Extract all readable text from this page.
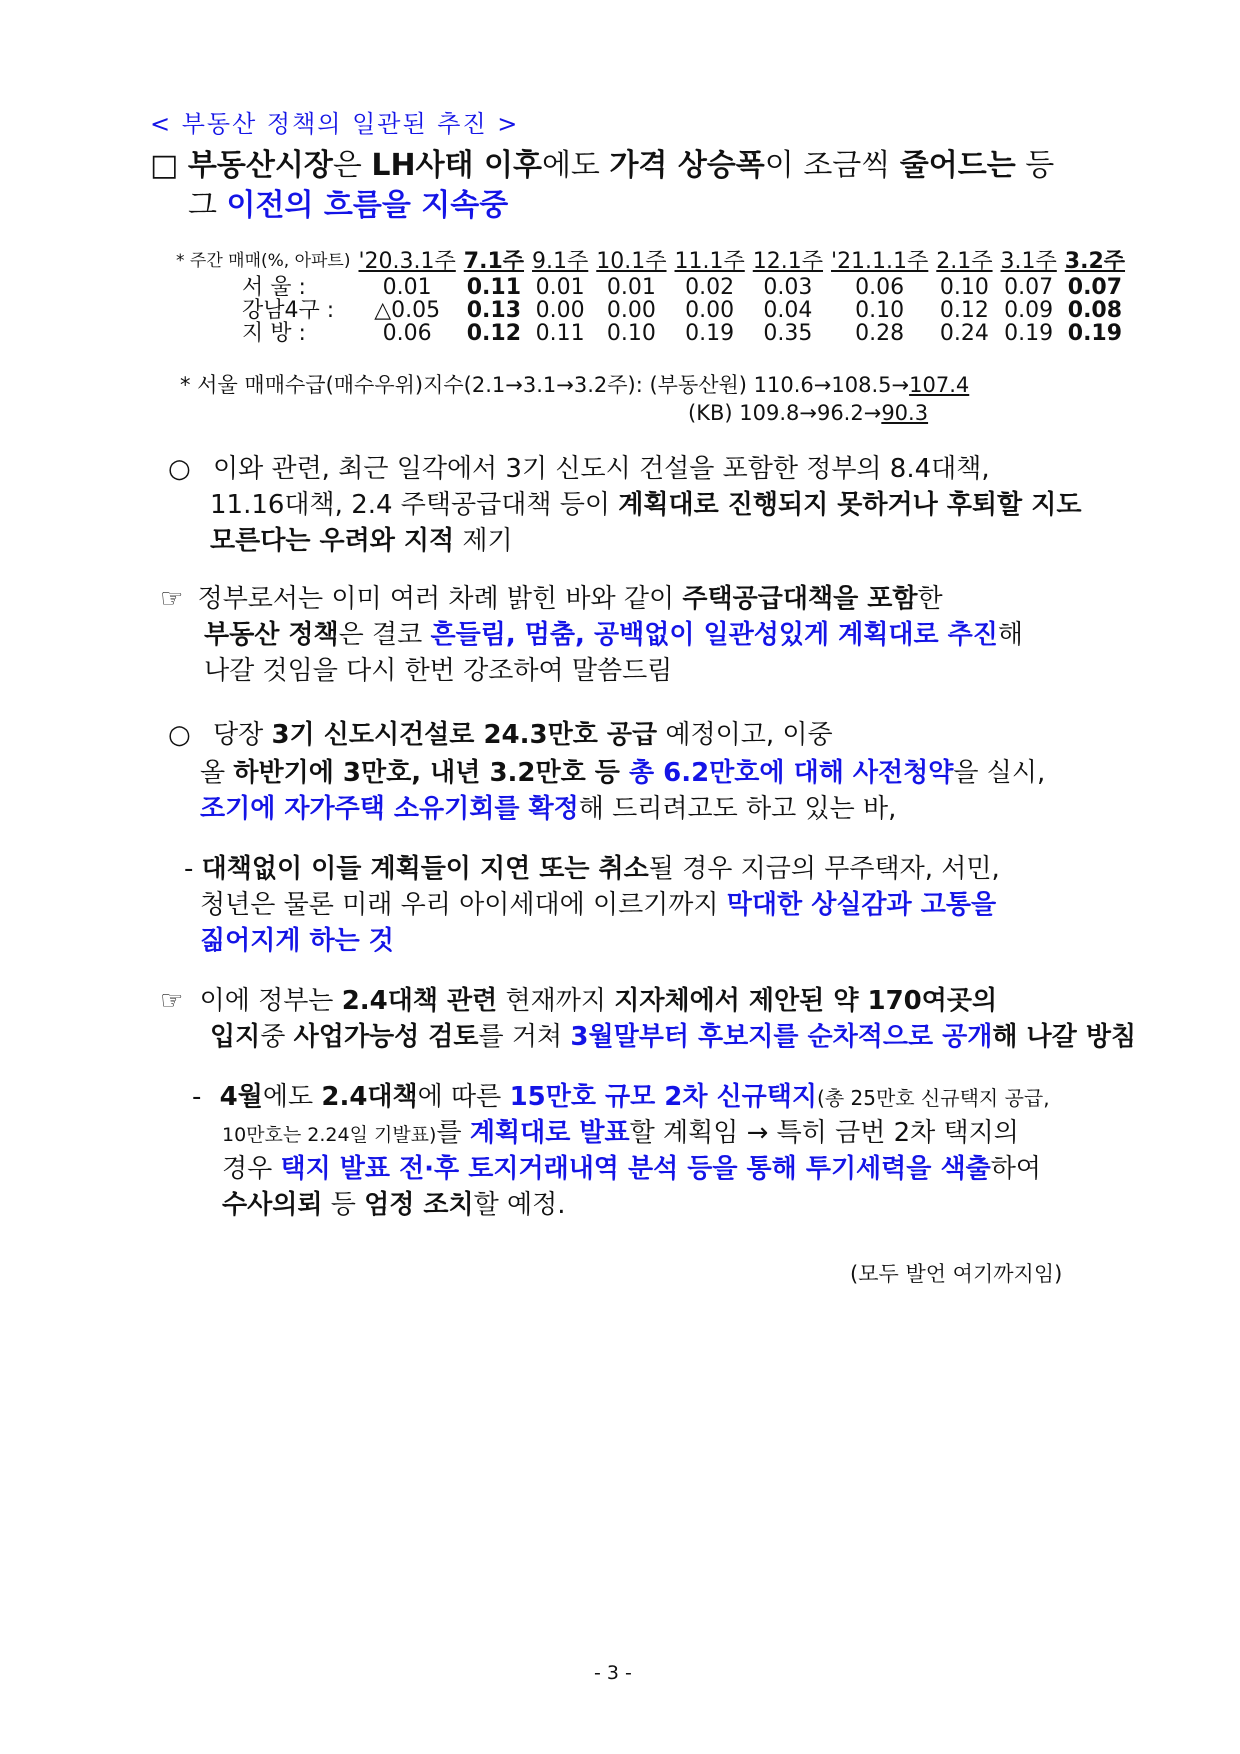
< 부동산 정책의 일관된 추진 >
□ 부동산시장은 LH사태 이후에도 가격 상승폭이 조금씩 줄어드는 등
그 이전의 흐름을 지속중
* 주간 매매(%, 아파트)	'20.3.1주	7.1주	9.1주	10.1주	11.1주	12.1주	'21.1.1주	2.1주	3.1주	3.2주
서 울 :	0.01	0.11	0.01	0.01	0.02	0.03	0.06	0.10	0.07	0.07
강남4구 :	△0.05	0.13	0.00	0.00	0.00	0.04	0.10	0.12	0.09	0.08
지 방 :	0.06	0.12	0.11	0.10	0.19	0.35	0.28	0.24	0.19	0.19
* 서울 매매수급(매수우위)지수(2.1→3.1→3.2주): (부동산원) 110.6→108.5→107.4
(KB) 109.8→96.2→90.3
○ 이와 관련, 최근 일각에서 3기 신도시 건설을 포함한 정부의 8.4대책,
11.16대책, 2.4 주택공급대책 등이 계획대로 진행되지 못하거나 후퇴할 지도
모른다는 우려와 지적 제기
☞ 정부로서는 이미 여러 차례 밝힌 바와 같이 주택공급대책을 포함한
부동산 정책은 결코 흔들림, 멈춤, 공백없이 일관성있게 계획대로 추진해
나갈 것임을 다시 한번 강조하여 말씀드림
○ 당장 3기 신도시건설로 24.3만호 공급 예정이고, 이중
올 하반기에 3만호, 내년 3.2만호 등 총 6.2만호에 대해 사전청약을 실시,
조기에 자가주택 소유기회를 확정해 드리려고도 하고 있는 바,
- 대책없이 이들 계획들이 지연 또는 취소될 경우 지금의 무주택자, 서민,
청년은 물론 미래 우리 아이세대에 이르기까지 막대한 상실감과 고통을
짊어지게 하는 것
☞ 이에 정부는 2.4대책 관련 현재까지 지자체에서 제안된 약 170여곳의
입지중 사업가능성 검토를 거쳐 3월말부터 후보지를 순차적으로 공개해 나갈 방침
- 4월에도 2.4대책에 따른 15만호 규모 2차 신규택지(총 25만호 신규택지 공급,
10만호는 2.24일 기발표)를 계획대로 발표할 계획임 → 특히 금번 2차 택지의
경우 택지 발표 전·후 토지거래내역 분석 등을 통해 투기세력을 색출하여
수사의뢰 등 엄정 조치할 예정.
(모두 발언 여기까지임)
- 3 -
